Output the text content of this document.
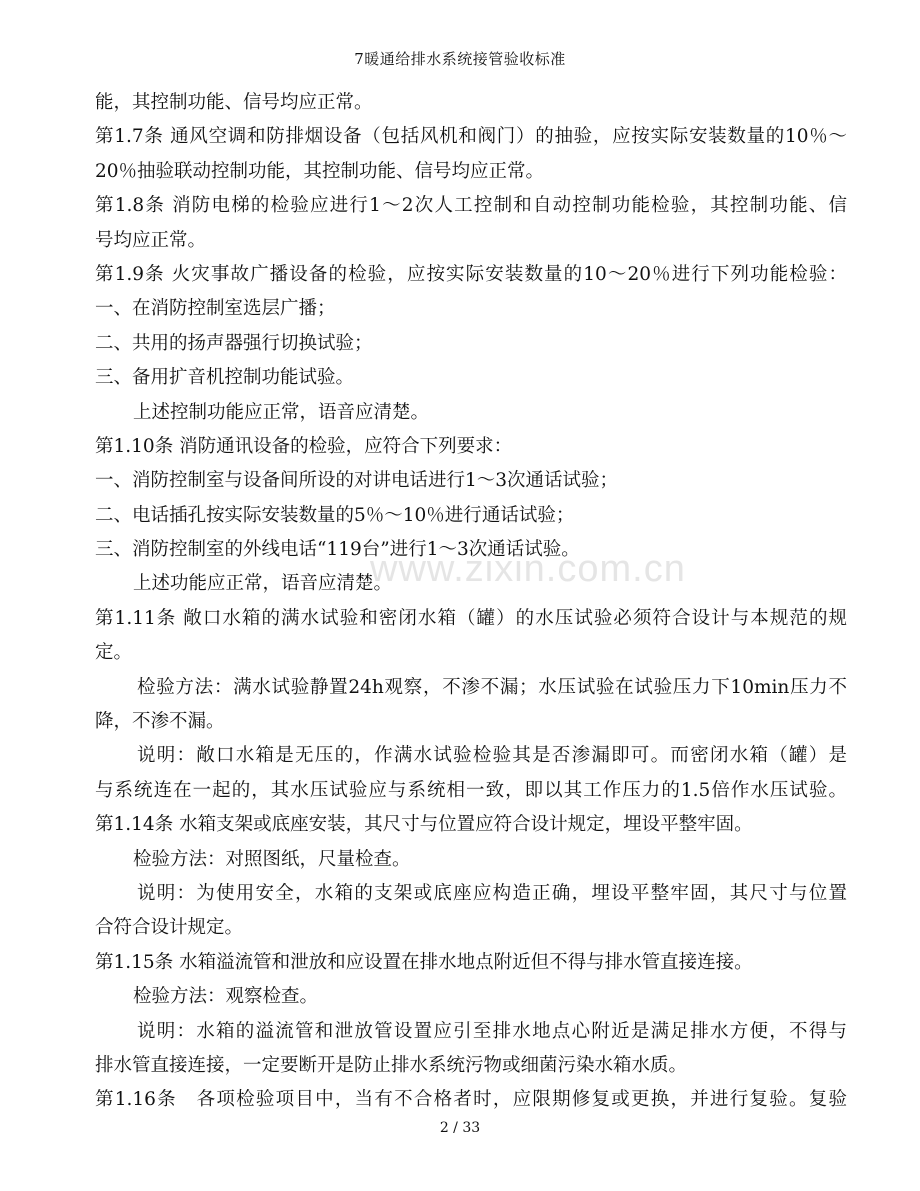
7暖通给排水系统接管验收标准
能，其控制功能、信号均应正常。
第1.7条 通风空调和防排烟设备（包括风机和阀门）的抽验，应按实际安装数量的10％～
20％抽验联动控制功能，其控制功能、信号均应正常。
第1.8条 消防电梯的检验应进行1～2次人工控制和自动控制功能检验，其控制功能、信
号均应正常。
第1.9条 火灾事故广播设备的检验，应按实际安装数量的10～20％进行下列功能检验：
一、在消防控制室选层广播；
二、共用的扬声器强行切换试验；
三、备用扩音机控制功能试验。
上述控制功能应正常，语音应清楚。
第1.10条 消防通讯设备的检验，应符合下列要求：
一、消防控制室与设备间所设的对讲电话进行1～3次通话试验；
二、电话插孔按实际安装数量的5％～10％进行通话试验；
三、消防控制室的外线电话“119台”进行1～3次通话试验。
上述功能应正常，语音应清楚。
第1.11条 敞口水箱的满水试验和密闭水箱（罐）的水压试验必须符合设计与本规范的规
定。
检验方法：满水试验静置24h观察，不渗不漏；水压试验在试验压力下10min压力不
降，不渗不漏。
说明：敞口水箱是无压的，作满水试验检验其是否渗漏即可。而密闭水箱（罐）是
与系统连在一起的，其水压试验应与系统相一致，即以其工作压力的1.5倍作水压试验。
第1.14条 水箱支架或底座安装，其尺寸与位置应符合设计规定，埋设平整牢固。
检验方法：对照图纸，尺量检查。
说明：为使用安全，水箱的支架或底座应构造正确，埋设平整牢固，其尺寸与位置
合符合设计规定。
第1.15条 水箱溢流管和泄放和应设置在排水地点附近但不得与排水管直接连接。
检验方法：观察检查。
说明：水箱的溢流管和泄放管设置应引至排水地点心附近是满足排水方便，不得与
排水管直接连接，一定要断开是防止排水系统污物或细菌污染水箱水质。
第1.16条　各项检验项目中，当有不合格者时，应限期修复或更换，并进行复验。复验
www.zixin.com.cn
2 / 33
